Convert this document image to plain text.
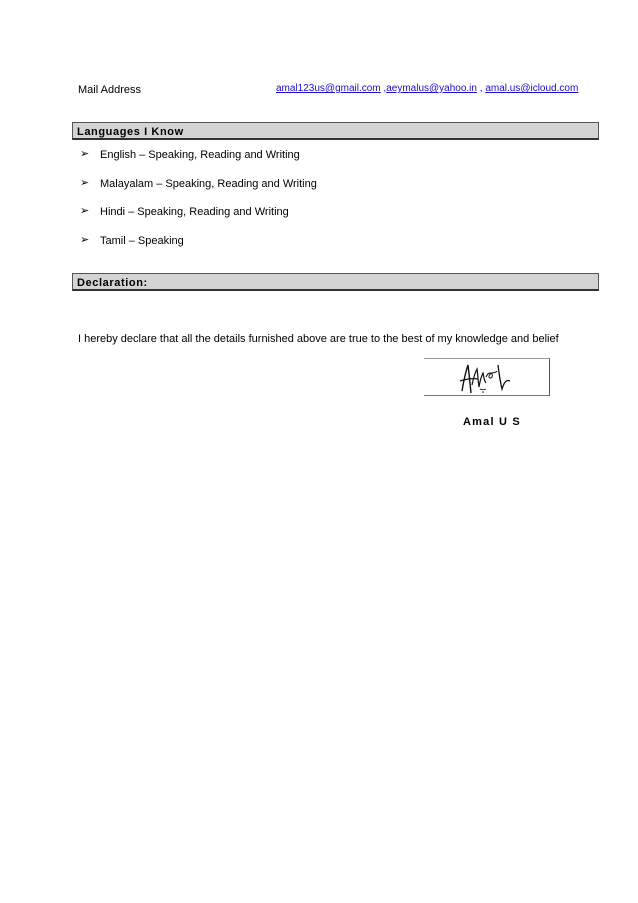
Mail Address	amal123us@gmail.com ,aeymalus@yahoo.in , amal.us@icloud.com
Languages I Know
➢ English – Speaking, Reading and Writing
➢ Malayalam – Speaking, Reading and Writing
➢ Hindi – Speaking, Reading and Writing
➢ Tamil – Speaking
Declaration:
I hereby declare that all the details furnished above are true to the best of my knowledge and belief
Amal U S
